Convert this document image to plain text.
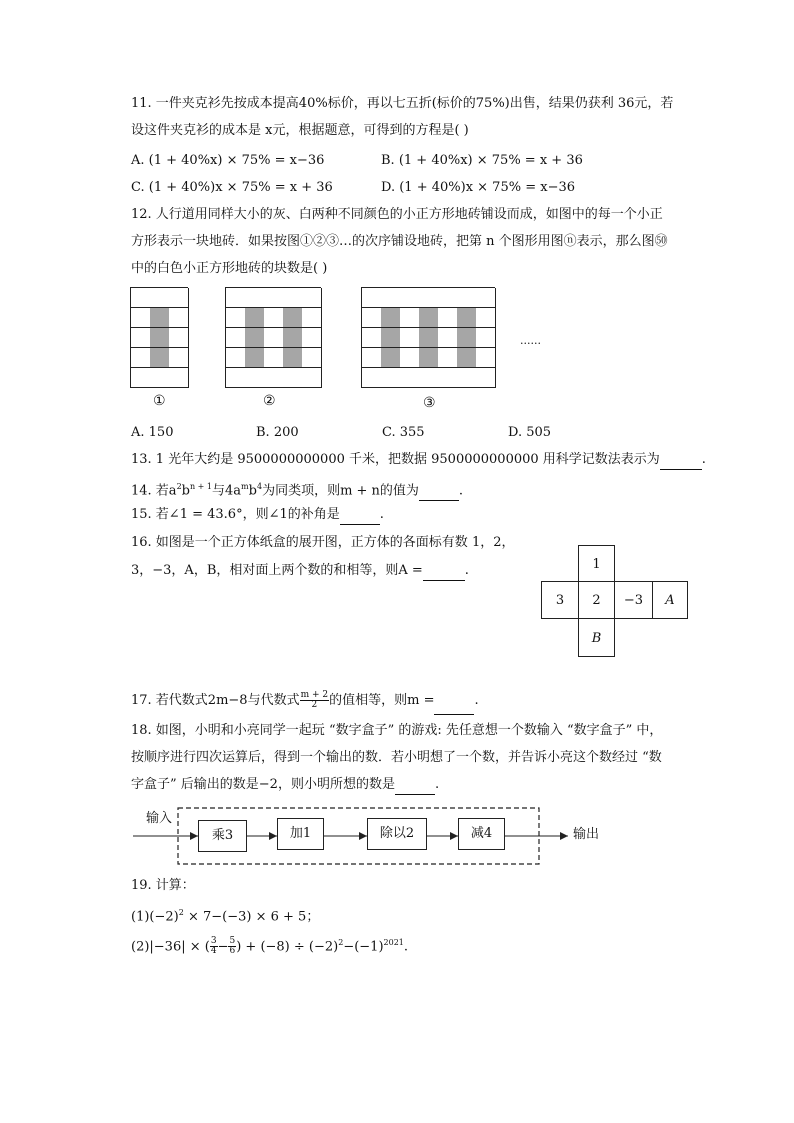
11. 一件夹克衫先按成本提高40%标价，再以七五折(标价的75%)出售，结果仍获利 36元，若
设这件夹克衫的成本是 x元，根据题意，可得到的方程是( )
A. (1 + 40%x) × 75% = x−36	B. (1 + 40%x) × 75% = x + 36
C. (1 + 40%)x × 75% = x + 36	D. (1 + 40%)x × 75% = x−36
12. 人行道用同样大小的灰、白两种不同颜色的小正方形地砖铺设而成，如图中的每一个小正
方形表示一块地砖．如果按图①②③…的次序铺设地砖，把第 n 个图形用图ⓝ表示，那么图㊿
中的白色小正方形地砖的块数是( )
①	②	③
......
A. 150	B. 200	C. 355	D. 505
13. 1 光年大约是 9500000000000 千米，把数据 9500000000000 用科学记数法表示为	.
14. 若$a^2b^{n + 1}$与$4a^mb^4$为同类项，则m + n的值为	.
15. 若∠1 = 43.6°，则∠1的补角是	.
16. 如图是一个正方体纸盒的展开图，正方体的各面标有数 1，2，
3，−3，A，B，相对面上两个数的和相等，则A =	.	1
3	2	−3	A
B
17. 若代数式2m−8与代数式 $\frac{m + 2}{2}$ 的值相等，则m =	.
18. 如图，小明和小亮同学一起玩 “数字盒子” 的游戏: 先任意想一个数输入 “数字盒子” 中，
按顺序进行四次运算后，得到一个输出的数．若小明想了一个数，并告诉小亮这个数经过 “数
字盒子” 后输出的数是−2，则小明所想的数是	.
输入
输出
乘3	加1	除以2	减4
19. 计算：
$(1)(-2)^2 \times 7-(-3) \times 6 + 5$；
(2)|−36| × ( $\frac{3}{4} - \frac{5}{6}$ ) + $(-8) \div (-2)^2-(-1)^{2021}$.
